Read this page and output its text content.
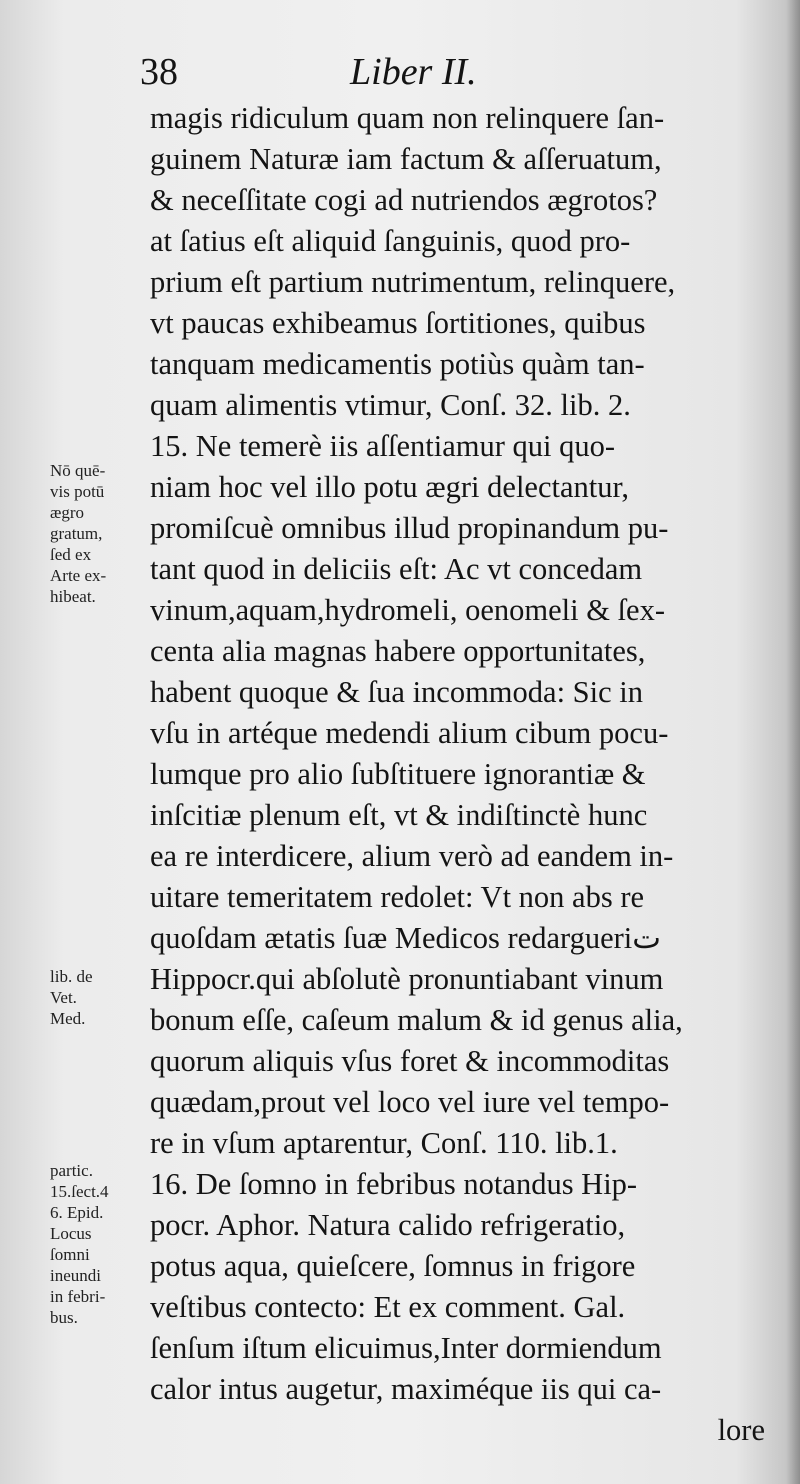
38	Liber II.
magis ridiculum quam non relinquere ſan-
guinem Naturæ iam factum & aſſeruatum,
& neceſſitate cogi ad nutriendos ægrotos?
at ſatius eſt aliquid ſanguinis, quod pro-
prium eſt partium nutrimentum, relinquere,
vt paucas exhibeamus ſortitiones, quibus
tanquam medicamentis potiùs quàm tan-
quam alimentis vtimur, Conſ. 32. lib. 2.
15. Ne temerè iis aſſentiamur qui quo-
niam hoc vel illo potu ægri delectantur,
promiſcuè omnibus illud propinandum pu-
tant quod in deliciis eſt: Ac vt concedam
vinum,aquam,hydromeli, oenomeli & ſex-
centa alia magnas habere opportunitates,
habent quoque & ſua incommoda: Sic in
vſu in artéque medendi alium cibum pocu-
lumque pro alio ſubſtituere ignorantiæ &
inſcitiæ plenum eſt, vt & indiſtinctè hunc
ea re interdicere, alium verò ad eandem in-
uitare temeritatem redolet: Vt non abs re
quoſdam ætatis ſuæ Medicos redargueriت
Hippocr.qui abſolutè pronuntiabant vinum
bonum eſſe, caſeum malum & id genus alia,
quorum aliquis vſus foret & incommoditas
quædam,prout vel loco vel iure vel tempo-
re in vſum aptarentur, Conſ. 110. lib.1.
16. De ſomno in febribus notandus Hip-
pocr. Aphor. Natura calido refrigeratio,
potus aqua, quieſcere, ſomnus in frigore
veſtibus contecto: Et ex comment. Gal.
ſenſum iſtum elicuimus,Inter dormiendum
calor intus augetur, maximéque iis qui ca-
lore
Nō quē-
vis potū
ægro
gratum,
ſed ex
Arte ex-
hibeat.
lib. de
Vet.
Med.
partic.
15.ſect.4
6. Epid.
Locus
ſomni
ineundi
in febri-
bus.
